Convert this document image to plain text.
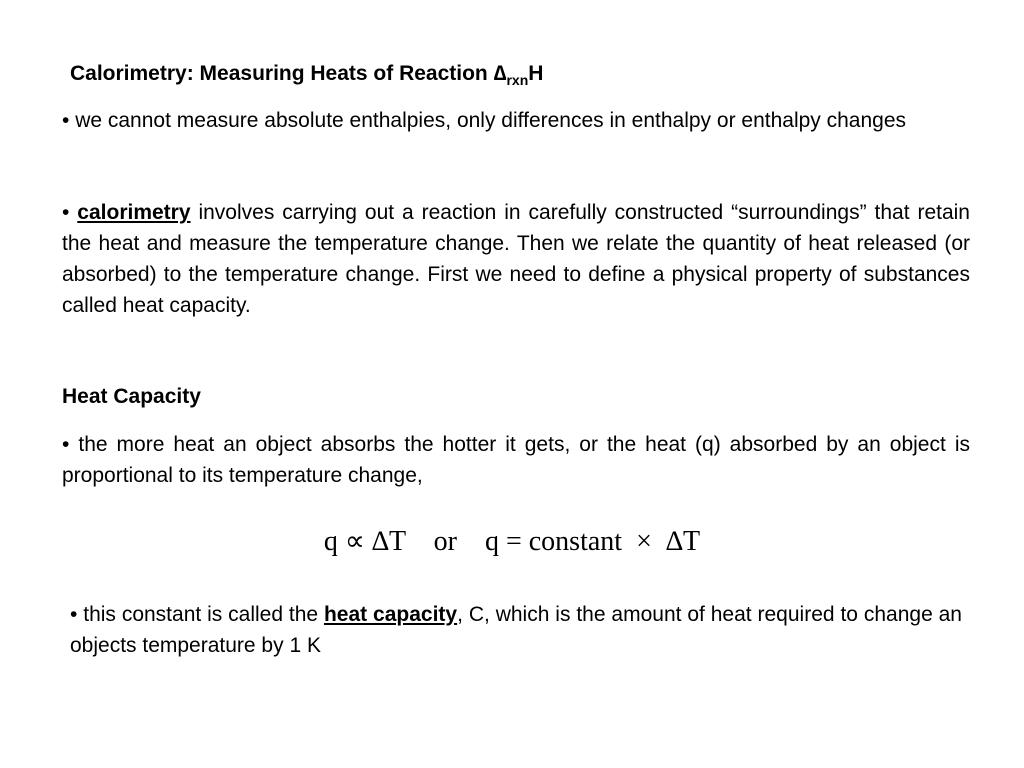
Calorimetry: Measuring Heats of Reaction $\Delta_{rxn}H$
• we cannot measure absolute enthalpies, only differences in enthalpy or enthalpy changes
• calorimetry involves carrying out a reaction in carefully constructed “surroundings” that retain the heat and measure the temperature change. Then we relate the quantity of heat released (or absorbed) to the temperature change. First we need to define a physical property of substances called heat capacity.
Heat Capacity
• the more heat an object absorbs the hotter it gets, or the heat (q) absorbed by an object is proportional to its temperature change,
q ∝ ∆T    or    q = constant  ×  ∆T
• this constant is called the heat capacity, C, which is the amount of heat required to change an objects temperature by 1 K
